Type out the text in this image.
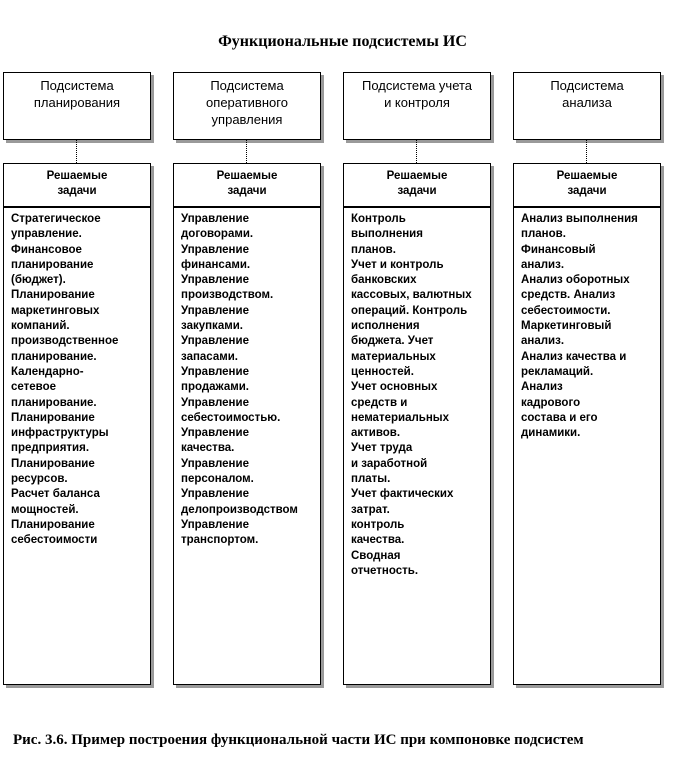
Функциональные подсистемы ИС
Подсистема
планирования
Решаемые
задачи
Стратегическое
управление.
Финансовое
планирование
(бюджет).
Планирование
маркетинговых
компаний.
производственное
планирование.
Календарно-
сетевое
планирование.
Планирование
инфраструктуры
предприятия.
Планирование
ресурсов.
Расчет баланса
мощностей.
Планирование
себестоимости
Подсистема
оперативного
управления
Решаемые
задачи
Управление
договорами.
Управление
финансами.
Управление
производством.
Управление
закупками.
Управление
запасами.
Управление
продажами.
Управление
себестоимостью.
Управление
качества.
Управление
персоналом.
Управление
делопроизводством
Управление
транспортом.
Подсистема учета
и контроля
Решаемые
задачи
Контроль
выполнения
планов.
Учет и контроль
банковских
кассовых, валютных
операций. Контроль
исполнения
бюджета. Учет
материальных
ценностей.
Учет основных
средств и
нематериальных
активов.
Учет труда
и заработной
платы.
Учет фактических
затрат.
контроль
качества.
Сводная
отчетность.
Подсистема
анализа
Решаемые
задачи
Анализ выполнения
планов.
Финансовый
анализ.
Анализ оборотных
средств. Анализ
себестоимости.
Маркетинговый
анализ.
Анализ качества и
рекламаций.
Анализ
кадрового
состава и его
динамики.
Рис. 3.6. Пример построения функциональной части ИС при компоновке подсистем
